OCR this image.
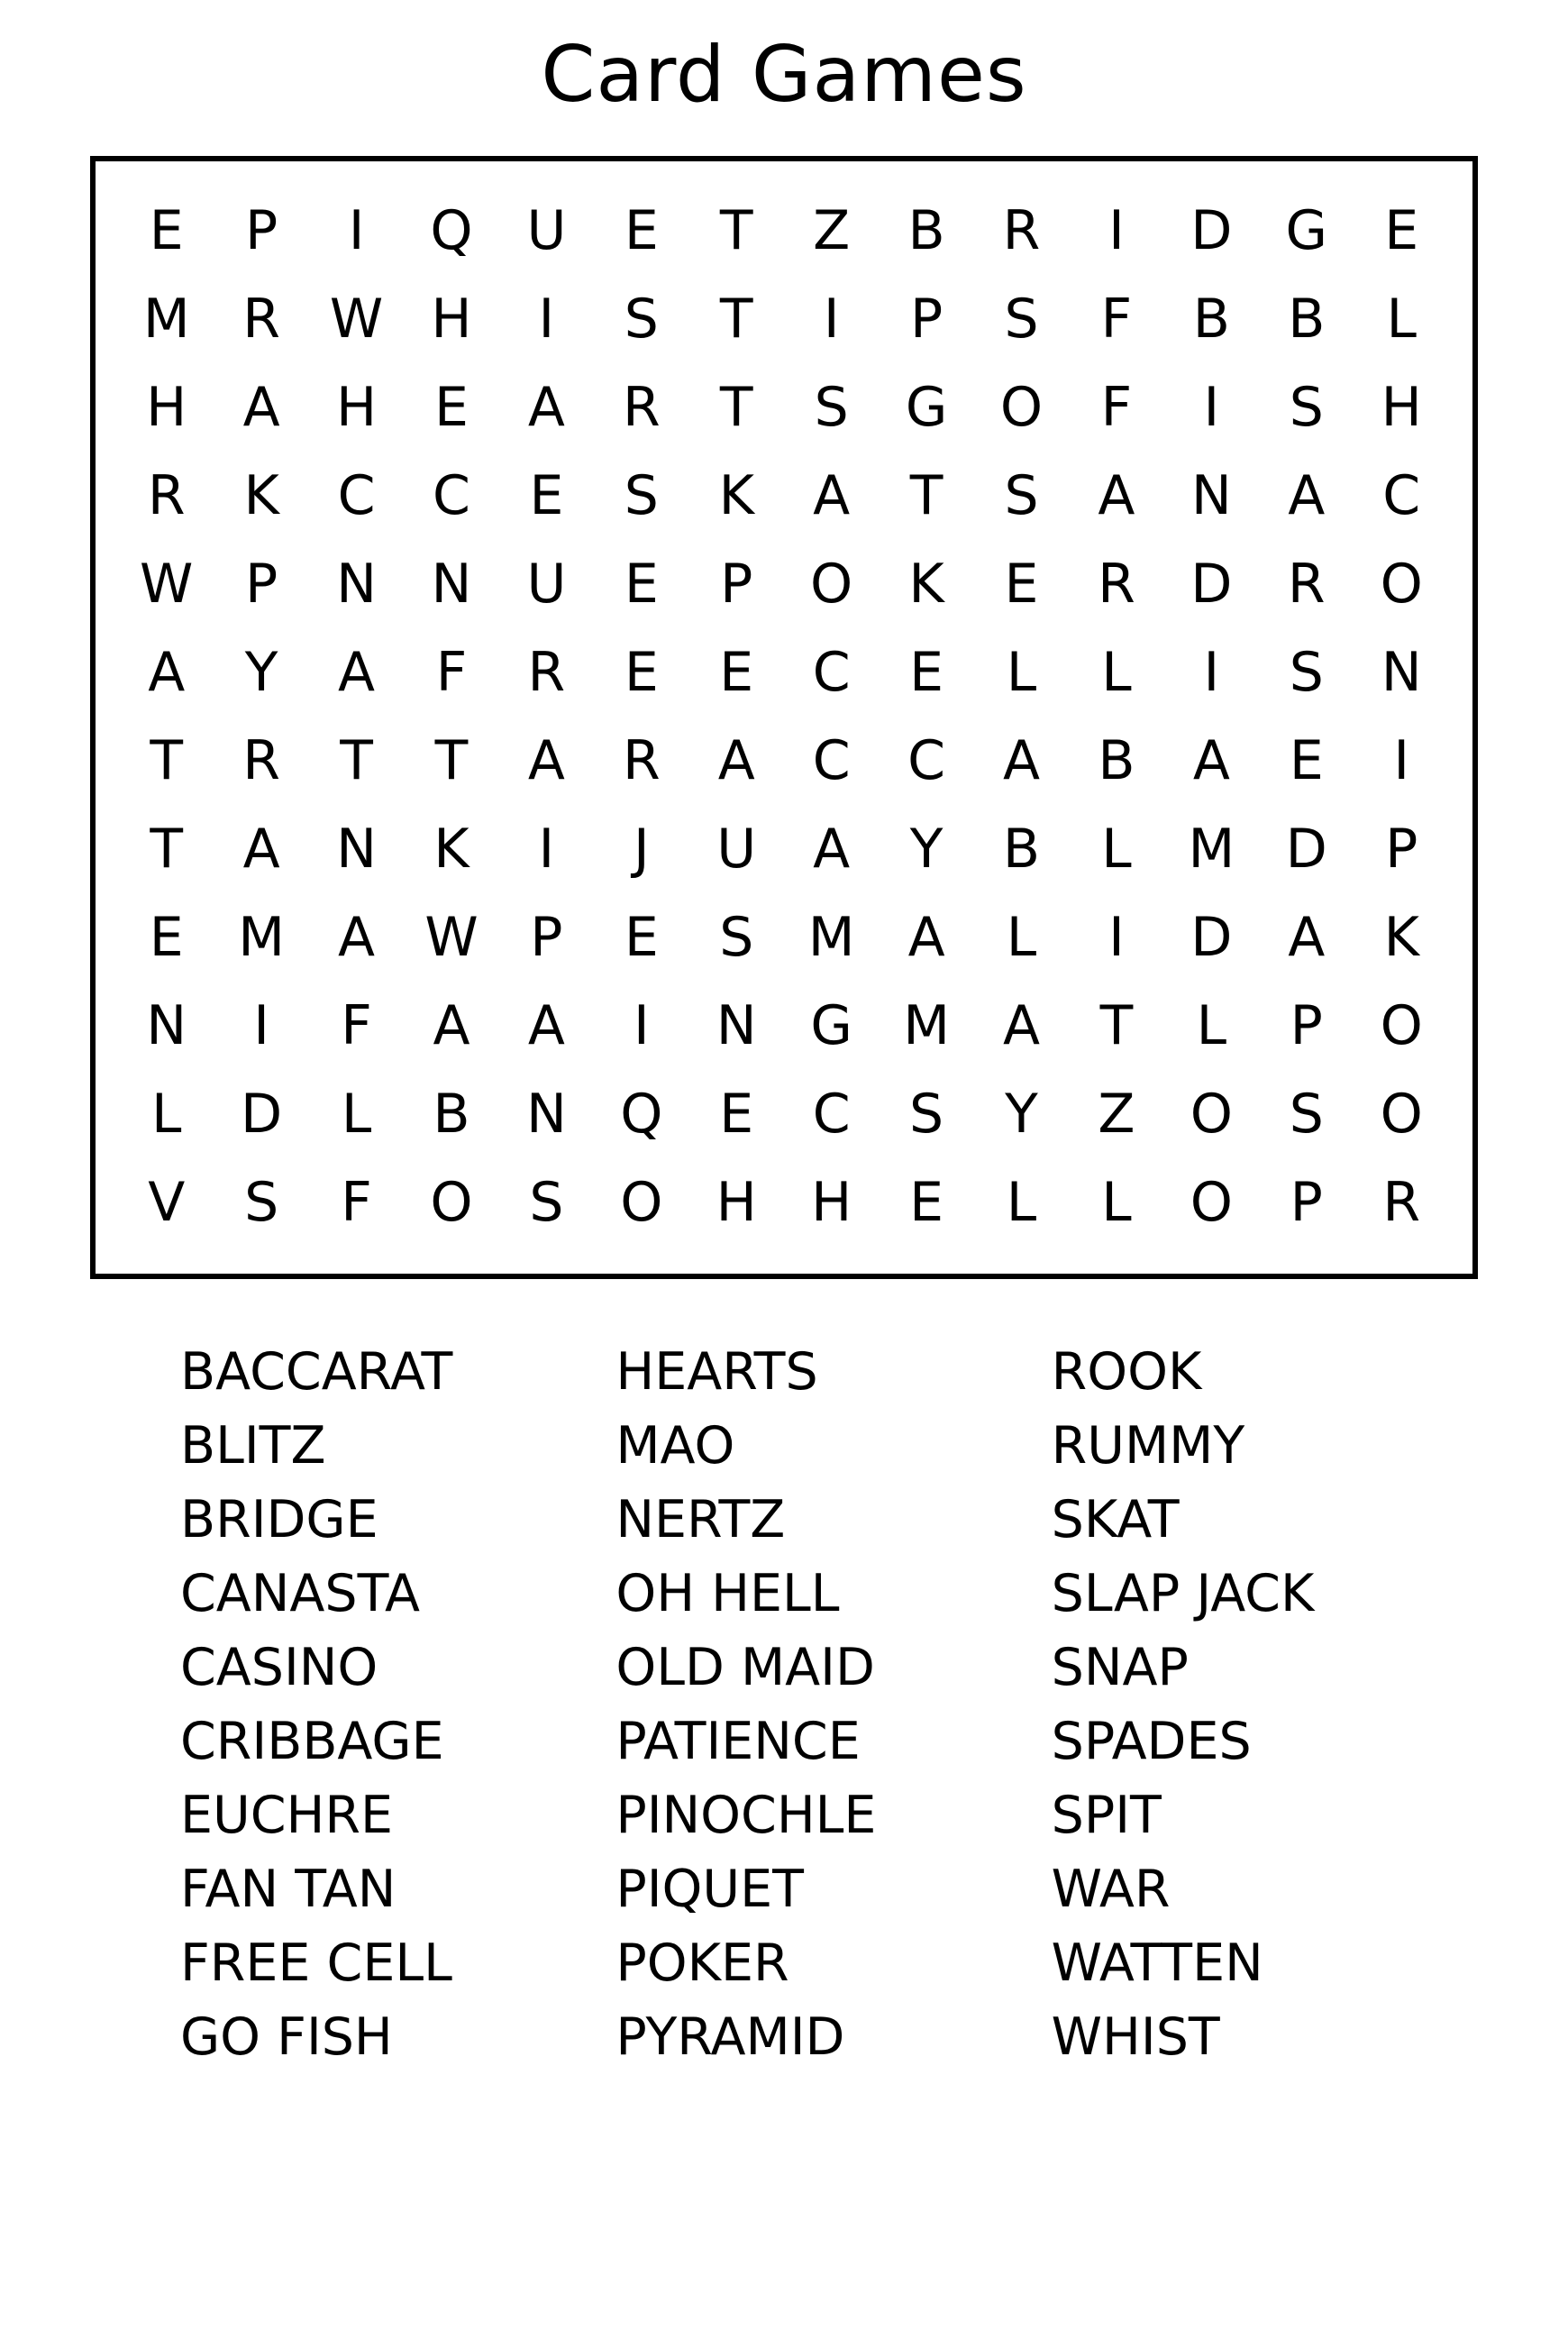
Card Games
E	P	I	Q	U	E	T	Z	B	R	I	D	G	E
M	R	W	H	I	S	T	I	P	S	F	B	B	L
H	A	H	E	A	R	T	S	G	O	F	I	S	H
R	K	C	C	E	S	K	A	T	S	A	N	A	C
W	P	N	N	U	E	P	O	K	E	R	D	R	O
A	Y	A	F	R	E	E	C	E	L	L	I	S	N
T	R	T	T	A	R	A	C	C	A	B	A	E	I
T	A	N	K	I	J	U	A	Y	B	L	M	D	P
E	M	A	W	P	E	S	M	A	L	I	D	A	K
N	I	F	A	A	I	N	G	M	A	T	L	P	O
L	D	L	B	N	Q	E	C	S	Y	Z	O	S	O
V	S	F	O	S	O	H	H	E	L	L	O	P	R
BACCARAT
BLITZ
BRIDGE
CANASTA
CASINO
CRIBBAGE
EUCHRE
FAN TAN
FREE CELL
GO FISH
HEARTS
MAO
NERTZ
OH HELL
OLD MAID
PATIENCE
PINOCHLE
PIQUET
POKER
PYRAMID
ROOK
RUMMY
SKAT
SLAP JACK
SNAP
SPADES
SPIT
WAR
WATTEN
WHIST
